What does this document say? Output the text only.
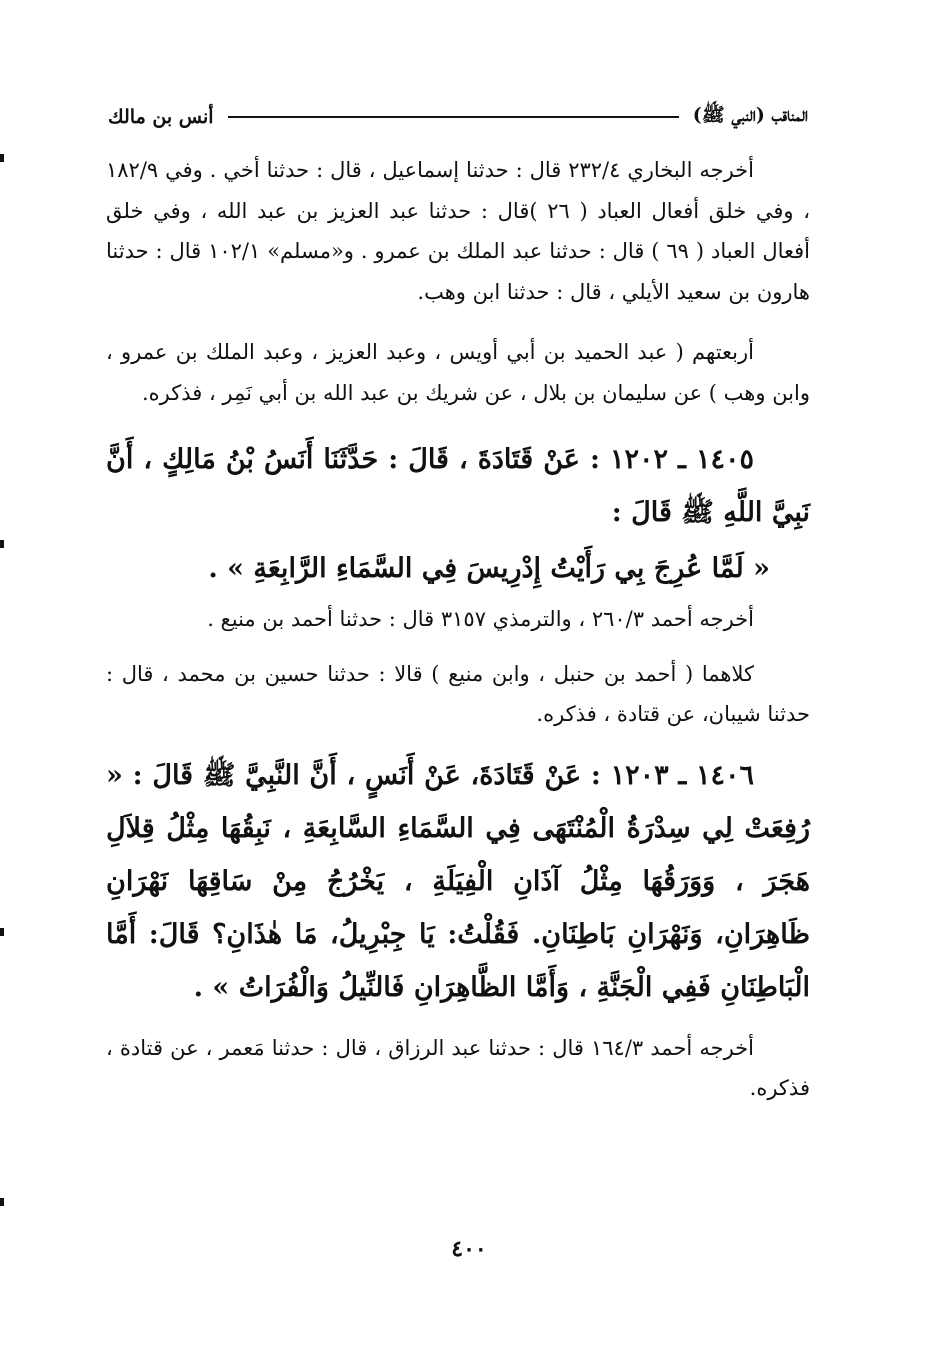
المناقب (النبي ﷺ)
أنس بن مالك

أخرجه البخاري ٢٣٢/٤ قال : حدثنا إسماعيل ، قال : حدثنا أخي . وفي ١٨٢/٩ ، وفي خلق أفعال العباد ( ٢٦ )قال : حدثنا عبد العزيز بن عبد الله ، وفي خلق أفعال العباد ( ٦٩ ) قال : حدثنا عبد الملك بن عمرو . و«مسلم» ١٠٢/١ قال : حدثنا هارون بن سعيد الأيلي ، قال : حدثنا ابن وهب.

أربعتهم ( عبد الحميد بن أبي أويس ، وعبد العزيز ، وعبد الملك بن عمرو ، وابن وهب ) عن سليمان بن بلال ، عن شريك بن عبد الله بن أبي نَمِر ، فذكره.

١٤٠٥ ـ ١٢٠٢ : عَنْ قَتَادَةَ ، قَالَ : حَدَّثَنَا أَنَسُ بْنُ مَالِكٍ ، أَنَّ نَبِيَّ اللَّهِ ﷺ قَالَ :

« لَمَّا عُرِجَ بِي رَأَيْتُ إِدْرِيسَ فِي السَّمَاءِ الرَّابِعَةِ » .

أخرجه أحمد ٢٦٠/٣ ، والترمذي ٣١٥٧ قال : حدثنا أحمد بن منيع .

كلاهما ( أحمد بن حنبل ، وابن منيع ) قالا : حدثنا حسين بن محمد ، قال : حدثنا شيبان، عن قتادة ، فذكره.

١٤٠٦ ـ ١٢٠٣ : عَنْ قَتَادَةَ، عَنْ أَنَسٍ ، أَنَّ النَّبِيَّ ﷺ قَالَ : « رُفِعَتْ لِي سِدْرَةُ الْمُنْتَهَى فِي السَّمَاءِ السَّابِعَةِ ، نَبِقُهَا مِثْلُ قِلاَلِ هَجَرَ ، وَوَرَقُهَا مِثْلُ آذَانِ الْفِيَلَةِ ، يَخْرُجُ مِنْ سَاقِهَا نَهْرَانِ ظَاهِرَانِ، وَنَهْرَانِ بَاطِنَانِ. فَقُلْتُ: يَا جِبْرِيلُ، مَا هٰذَانِ؟ قَالَ: أَمَّا الْبَاطِنَانِ فَفِي الْجَنَّةِ ، وَأَمَّا الظَّاهِرَانِ فَالنِّيلُ وَالْفُرَاتُ » .

أخرجه أحمد ١٦٤/٣ قال : حدثنا عبد الرزاق ، قال : حدثنا مَعمر ، عن قتادة ، فذكره.

٤٠٠
